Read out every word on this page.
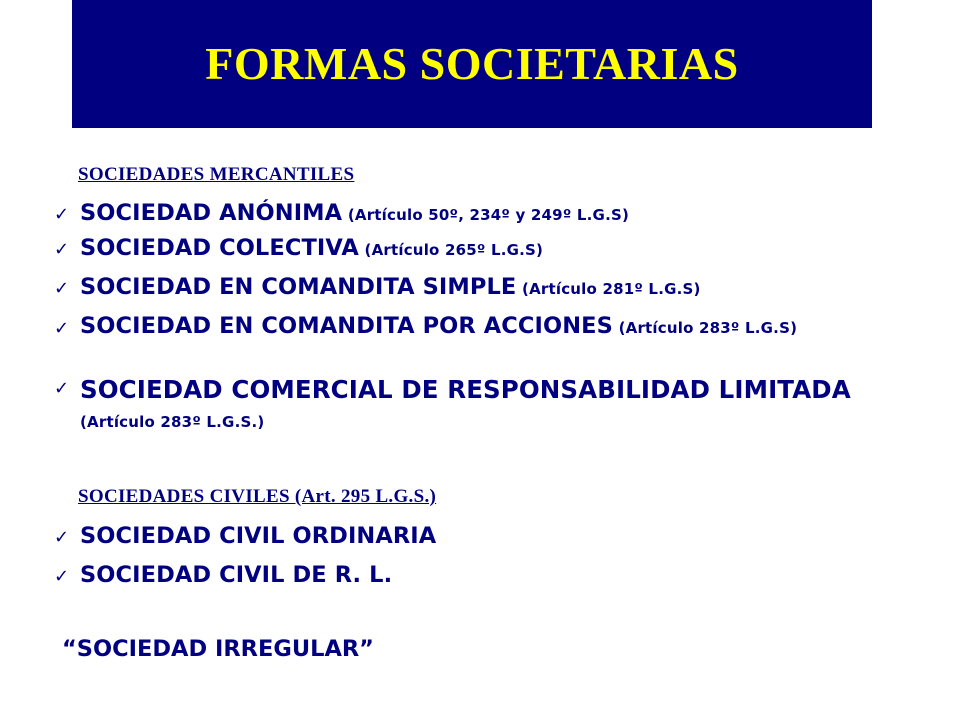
FORMAS SOCIETARIAS
SOCIEDADES MERCANTILES
✓ SOCIEDAD ANÓNIMA (Artículo 50º, 234º y 249º L.G.S)
✓ SOCIEDAD COLECTIVA (Artículo 265º L.G.S)
✓ SOCIEDAD EN COMANDITA SIMPLE (Artículo 281º L.G.S)
✓ SOCIEDAD EN COMANDITA POR ACCIONES (Artículo 283º L.G.S)
✓ SOCIEDAD COMERCIAL DE RESPONSABILIDAD LIMITADA (Artículo 283º L.G.S.)
SOCIEDADES CIVILES (Art. 295 L.G.S.)
✓ SOCIEDAD CIVIL ORDINARIA
✓ SOCIEDAD CIVIL DE R. L.
“SOCIEDAD IRREGULAR”
